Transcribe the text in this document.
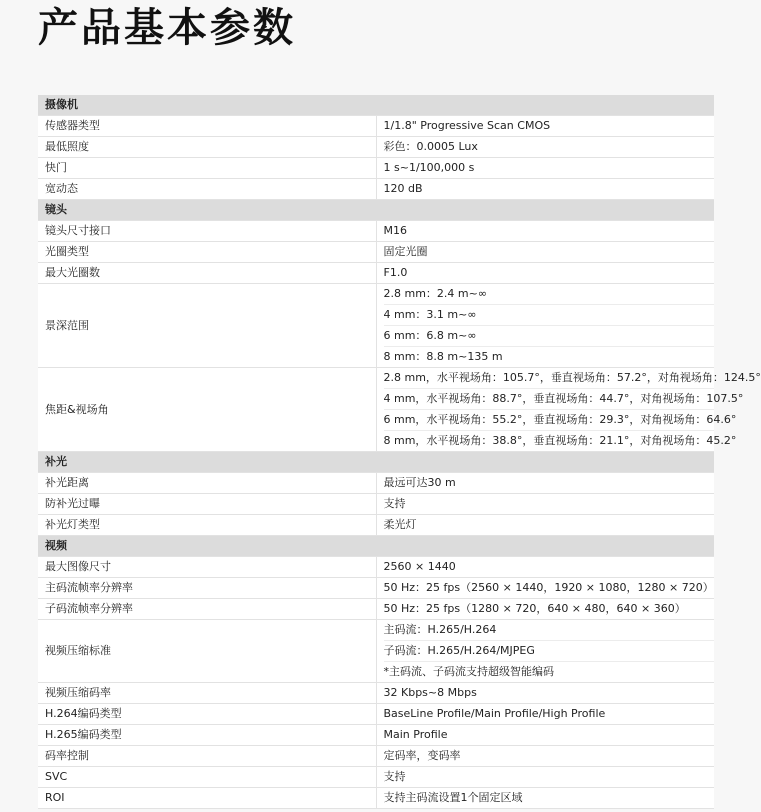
产品基本参数
摄像机	
传感器类型	1/1.8" Progressive Scan CMOS
最低照度	彩色：0.0005 Lux
快门	1 s~1/100,000 s
宽动态	120 dB
镜头	
镜头尺寸接口	M16
光圈类型	固定光圈
最大光圈数	F1.0
景深范围	2.8 mm：2.4 m~∞
4 mm：3.1 m~∞
6 mm：6.8 m~∞
8 mm：8.8 m~135 m

焦距&视场角	2.8 mm，水平视场角：105.7°，垂直视场角：57.2°，对角视场角：124.5°
4 mm，水平视场角：88.7°，垂直视场角：44.7°，对角视场角：107.5°
6 mm，水平视场角：55.2°，垂直视场角：29.3°，对角视场角：64.6°
8 mm，水平视场角：38.8°，垂直视场角：21.1°，对角视场角：45.2°

补光	
补光距离	最远可达30 m
防补光过曝	支持
补光灯类型	柔光灯
视频	
最大图像尺寸	2560 × 1440
主码流帧率分辨率	50 Hz：25 fps（2560 × 1440，1920 × 1080，1280 × 720）
子码流帧率分辨率	50 Hz：25 fps（1280 × 720，640 × 480，640 × 360）
视频压缩标准	主码流：H.265/H.264
子码流：H.265/H.264/MJPEG
*主码流、子码流支持超级智能编码

视频压缩码率	32 Kbps~8 Mbps
H.264编码类型	BaseLine Profile/Main Profile/High Profile
H.265编码类型	Main Profile
码率控制	定码率，变码率
SVC	支持
ROI	支持主码流设置1个固定区域
